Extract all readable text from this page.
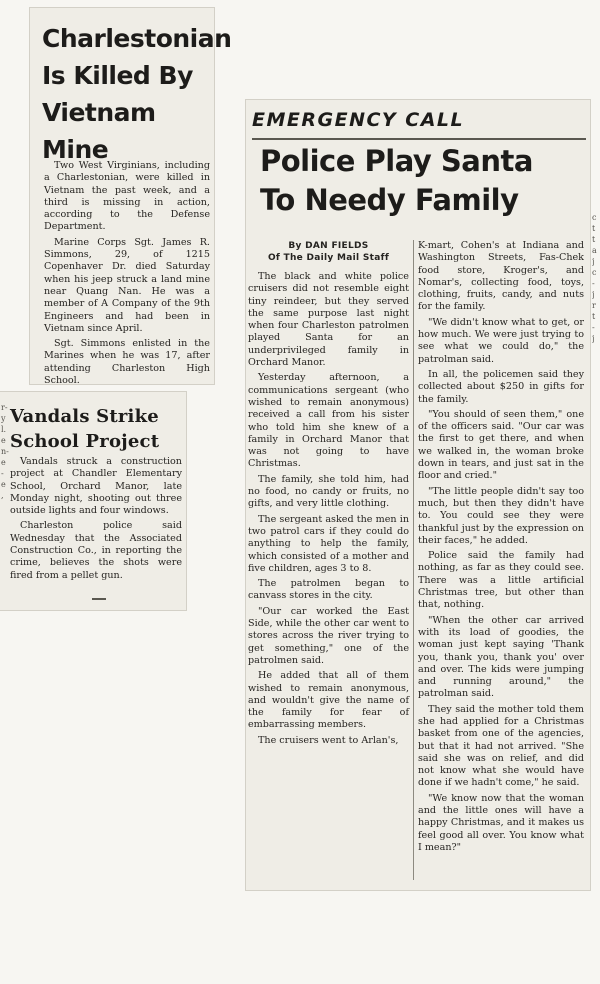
Charlestonian
Is Killed By
Vietnam Mine

Two West Virginians, including a Charlestonian, were killed in Vietnam the past week, and a third is missing in action, according to the Defense Department.

Marine Corps Sgt. James R. Simmons, 29, of 1215 Copenhaver Dr. died Saturday when his jeep struck a land mine near Quang Nan. He was a member of A Company of the 9th Engineers and had been in Vietnam since April.

Sgt. Simmons enlisted in the Marines when he was 17, after attending Charleston High School.

r-
y
l.
e
n-
e
-
e
,
Vandals Strike
School Project

Vandals struck a construction project at Chandler Elementary School, Orchard Manor, late Monday night, shooting out three outside lights and four windows.

Charleston police said Wednesday that the Associated Construction Co., in reporting the crime, believes the shots were fired from a pellet gun.

EMERGENCY CALL
Police Play Santa
To Needy Family
By DAN FIELDS
Of The Daily Mail Staff

The black and white police cruisers did not resemble eight tiny reindeer, but they served the same purpose last night when four Charleston patrolmen played Santa for an underprivileged family in Orchard Manor.

Yesterday afternoon, a communications sergeant (who wished to remain anonymous) received a call from his sister who told him she knew of a family in Orchard Manor that was not going to have Christmas.

The family, she told him, had no food, no candy or fruits, no gifts, and very little clothing.

The sergeant asked the men in two patrol cars if they could do anything to help the family, which consisted of a mother and five children, ages 3 to 8.

The patrolmen began to canvass stores in the city.

"Our car worked the East Side, while the other car went to stores across the river trying to get something," one of the patrolmen said.

He added that all of them wished to remain anonymous, and wouldn't give the name of the family for fear of embarrassing members.

The cruisers went to Arlan's,

K-mart, Cohen's at Indiana and Washington Streets, Fas-Chek food store, Kroger's, and Nomar's, collecting food, toys, clothing, fruits, candy, and nuts for the family.

"We didn't know what to get, or how much. We were just trying to see what we could do," the patrolman said.

In all, the policemen said they collected about $250 in gifts for the family.

"You should of seen them," one of the officers said. "Our car was the first to get there, and when we walked in, the woman broke down in tears, and just sat in the floor and cried."

"The little people didn't say too much, but then they didn't have to. You could see they were thankful just by the expression on their faces," he added.

Police said the family had nothing, as far as they could see. There was a little artificial Christmas tree, but other than that, nothing.

"When the other car arrived with its load of goodies, the woman just kept saying 'Thank you, thank you, thank you' over and over. The kids were jumping and running around," the patrolman said.

They said the mother told them she had applied for a Christmas basket from one of the agencies, but that it had not arrived. "She said she was on relief, and did not know what she would have done if we hadn't come," he said.

"We know now that the woman and the little ones will have a happy Christmas, and it makes us feel good all over. You know what I mean?"

c
t
t
a
j
c
-
j
r
t
-
j
